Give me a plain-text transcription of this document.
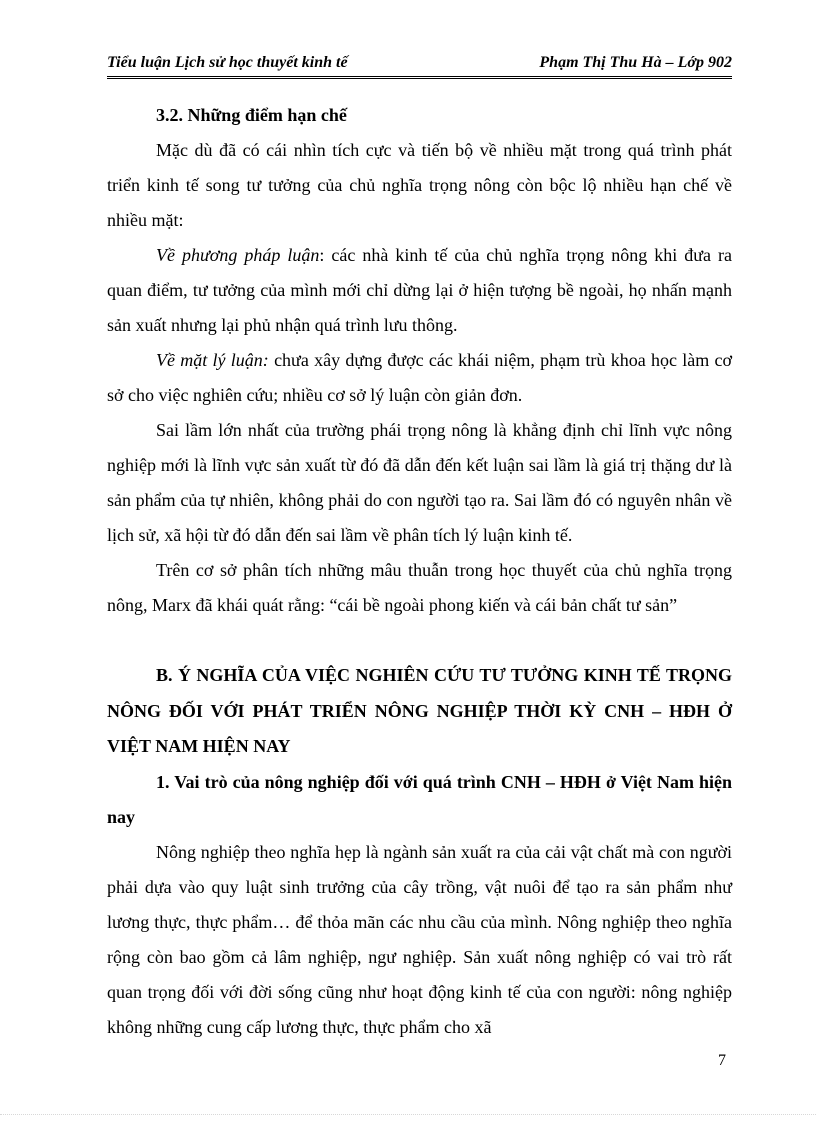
Tiểu luận Lịch sử học thuyết kinh tế	Phạm Thị Thu Hà – Lớp 902
3.2. Những điểm hạn chế

Mặc dù đã có cái nhìn tích cực và tiến bộ về nhiều mặt trong quá trình phát triển kinh tế song tư tưởng của chủ nghĩa trọng nông còn bộc lộ nhiều hạn chế về nhiều mặt:

Về phương pháp luận: các nhà kinh tế của chủ nghĩa trọng nông khi đưa ra quan điểm, tư tưởng của mình mới chỉ dừng lại ở hiện tượng bề ngoài, họ nhấn mạnh sản xuất nhưng lại phủ nhận quá trình lưu thông.

Về mặt lý luận: chưa xây dựng được các khái niệm, phạm trù khoa học làm cơ sở cho việc nghiên cứu; nhiều cơ sở lý luận còn giản đơn.

Sai lầm lớn nhất của trường phái trọng nông là khẳng định chỉ lĩnh vực nông nghiệp mới là lĩnh vực sản xuất từ đó đã dẫn đến kết luận sai lầm là giá trị thặng dư là sản phẩm của tự nhiên, không phải do con người tạo ra. Sai lầm đó có nguyên nhân về lịch sử, xã hội từ đó dẫn đến sai lầm về phân tích lý luận kinh tế.

Trên cơ sở phân tích những mâu thuẫn trong học thuyết của chủ nghĩa trọng nông, Marx đã khái quát rằng: “cái bề ngoài phong kiến và cái bản chất tư sản”

B. Ý NGHĨA CỦA VIỆC NGHIÊN CỨU TƯ TƯỞNG KINH TẾ TRỌNG NÔNG ĐỐI VỚI PHÁT TRIỂN NÔNG NGHIỆP THỜI KỲ CNH – HĐH Ở VIỆT NAM HIỆN NAY
1. Vai trò của nông nghiệp đối với quá trình CNH – HĐH ở Việt Nam hiện nay

Nông nghiệp theo nghĩa hẹp là ngành sản xuất ra của cải vật chất mà con người phải dựa vào quy luật sinh trưởng của cây trồng, vật nuôi để tạo ra sản phẩm như lương thực, thực phẩm… để thỏa mãn các nhu cầu của mình. Nông nghiệp theo nghĩa rộng còn bao gồm cả lâm nghiệp, ngư nghiệp. Sản xuất nông nghiệp có vai trò rất quan trọng đối với đời sống cũng như hoạt động kinh tế của con người: nông nghiệp không những cung cấp lương thực, thực phẩm cho xã

7
